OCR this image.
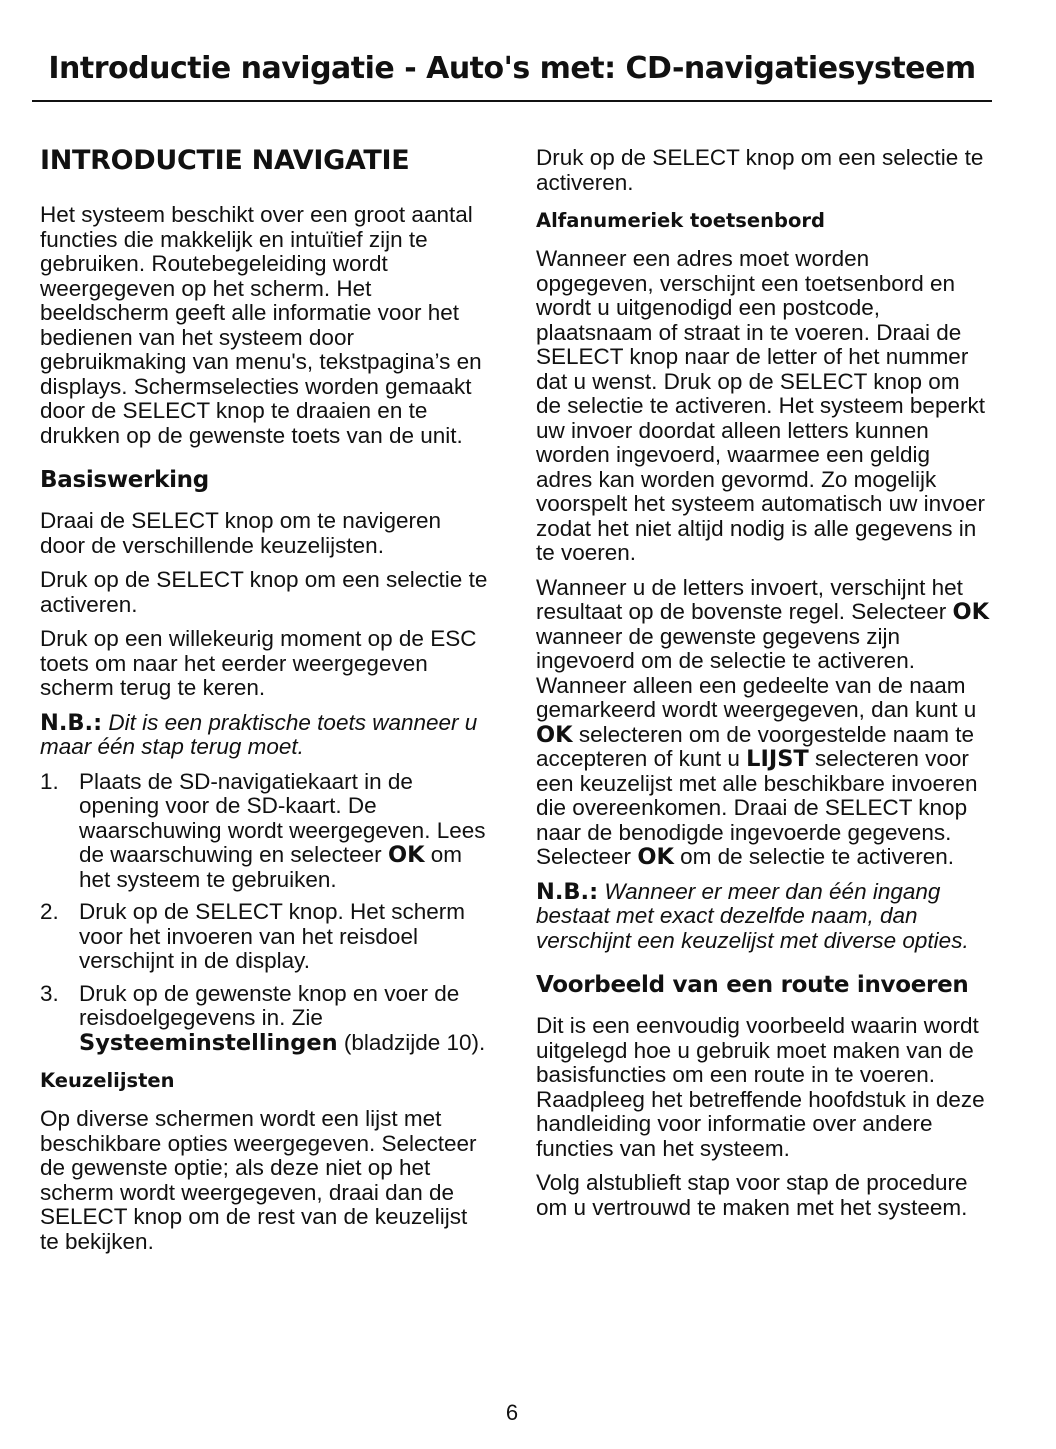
Introductie navigatie - Auto's met: CD-navigatiesysteem
INTRODUCTIE NAVIGATIE

Het systeem beschikt over een groot aantal functies die makkelijk en intuïtief zijn te gebruiken. Routebegeleiding wordt weergegeven op het scherm. Het beeldscherm geeft alle informatie voor het bedienen van het systeem door gebruikmaking van menu's, tekstpagina’s en displays. Schermselecties worden gemaakt door de SELECT knop te draaien en te drukken op de gewenste toets van de unit.

Basiswerking

Draai de SELECT knop om te navigeren door de verschillende keuzelijsten.

Druk op de SELECT knop om een selectie te activeren.

Druk op een willekeurig moment op de ESC toets om naar het eerder weergegeven scherm terug te keren.

N.B.: Dit is een praktische toets wanneer u maar één stap terug moet.

1. Plaats de SD-navigatiekaart in de opening voor de SD-kaart. De waarschuwing wordt weergegeven. Lees de waarschuwing en selecteer OK om het systeem te gebruiken.
2. Druk op de SELECT knop. Het scherm voor het invoeren van het reisdoel verschijnt in de display.
3. Druk op de gewenste knop en voer de reisdoelgegevens in. Zie Systeeminstellingen (bladzijde 10).
Keuzelijsten

Op diverse schermen wordt een lijst met beschikbare opties weergegeven. Selecteer de gewenste optie; als deze niet op het scherm wordt weergegeven, draai dan de SELECT knop om de rest van de keuzelijst te bekijken.

Druk op de SELECT knop om een selectie te activeren.

Alfanumeriek toetsenbord

Wanneer een adres moet worden opgegeven, verschijnt een toetsenbord en wordt u uitgenodigd een postcode, plaatsnaam of straat in te voeren. Draai de SELECT knop naar de letter of het nummer dat u wenst. Druk op de SELECT knop om de selectie te activeren. Het systeem beperkt uw invoer doordat alleen letters kunnen worden ingevoerd, waarmee een geldig adres kan worden gevormd. Zo mogelijk voorspelt het systeem automatisch uw invoer zodat het niet altijd nodig is alle gegevens in te voeren.

Wanneer u de letters invoert, verschijnt het resultaat op de bovenste regel. Selecteer OK wanneer de gewenste gegevens zijn ingevoerd om de selectie te activeren. Wanneer alleen een gedeelte van de naam gemarkeerd wordt weergegeven, dan kunt u OK selecteren om de voorgestelde naam te accepteren of kunt u LIJST selecteren voor een keuzelijst met alle beschikbare invoeren die overeenkomen. Draai de SELECT knop naar de benodigde ingevoerde gegevens. Selecteer OK om de selectie te activeren.

N.B.: Wanneer er meer dan één ingang bestaat met exact dezelfde naam, dan verschijnt een keuzelijst met diverse opties.

Voorbeeld van een route invoeren

Dit is een eenvoudig voorbeeld waarin wordt uitgelegd hoe u gebruik moet maken van de basisfuncties om een route in te voeren. Raadpleeg het betreffende hoofdstuk in deze handleiding voor informatie over andere functies van het systeem.

Volg alstublieft stap voor stap de procedure om u vertrouwd te maken met het systeem.

6
